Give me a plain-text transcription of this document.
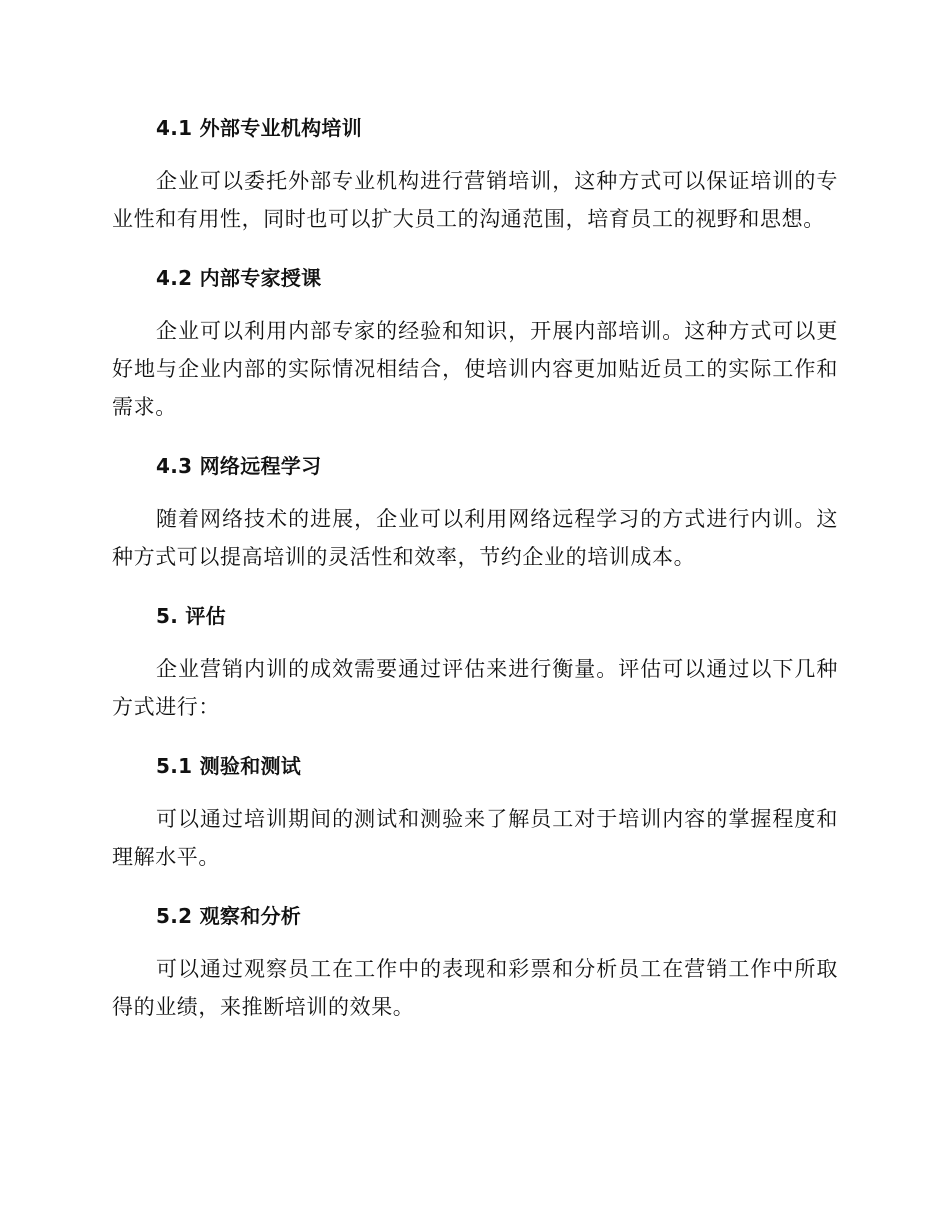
4.1 外部专业机构培训

企业可以委托外部专业机构进行营销培训，这种方式可以保证培训的专业性和有用性，同时也可以扩大员工的沟通范围，培育员工的视野和思想。

4.2 内部专家授课

企业可以利用内部专家的经验和知识，开展内部培训。这种方式可以更好地与企业内部的实际情况相结合，使培训内容更加贴近员工的实际工作和需求。

4.3 网络远程学习

随着网络技术的进展，企业可以利用网络远程学习的方式进行内训。这种方式可以提高培训的灵活性和效率，节约企业的培训成本。

5. 评估

企业营销内训的成效需要通过评估来进行衡量。评估可以通过以下几种方式进行：

5.1 测验和测试

可以通过培训期间的测试和测验来了解员工对于培训内容的掌握程度和理解水平。

5.2 观察和分析

可以通过观察员工在工作中的表现和彩票和分析员工在营销工作中所取得的业绩，来推断培训的效果。
